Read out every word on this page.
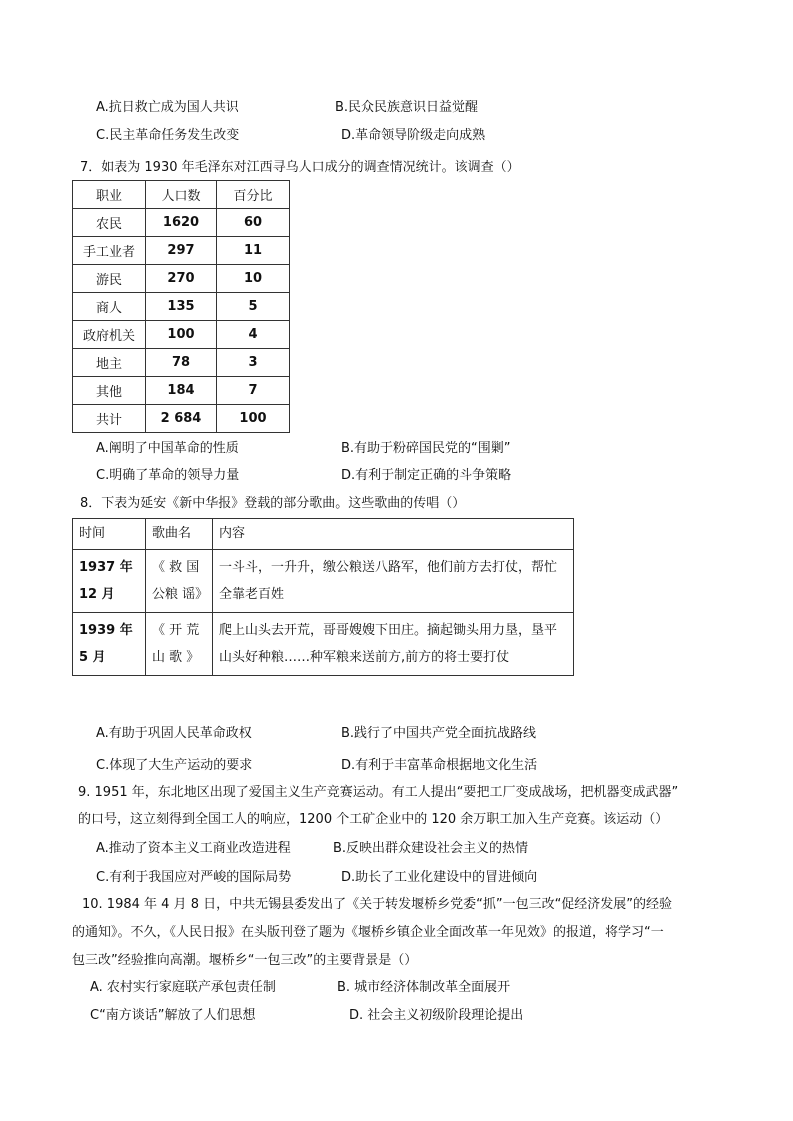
A.抗日救亡成为国人共识	B.民众民族意识日益觉醒
C.民主革命任务发生改变	D.革命领导阶级走向成熟
7．如表为 1930 年毛泽东对江西寻乌人口成分的调查情况统计。该调查（）
职业	人口数	百分比
农民	1620	60
手工业者	297	11
游民	270	10
商人	135	5
政府机关	100	4
地主	78	3
其他	184	7
共计	2 684	100
A.阐明了中国革命的性质	B.有助于粉碎国民党的“围剿”
C.明确了革命的领导力量	D.有利于制定正确的斗争策略
8．下表为延安《新中华报》登载的部分歌曲。这些歌曲的传唱（）
时间	歌曲名	内容
1937 年 12 月	《 救 国公粮 谣》	一斗斗，一升升，缴公粮送八路军，他们前方去打仗，帮忙全靠老百姓
1939 年 5 月	《 开 荒 山 歌 》	爬上山头去开荒，哥哥嫂嫂下田庄。摘起锄头用力垦，垦平山头好种粮……种军粮来送前方,前方的将士要打仗
A.有助于巩固人民革命政权	B.践行了中国共产党全面抗战路线
C.体现了大生产运动的要求	D.有利于丰富革命根据地文化生活
9. 1951 年，东北地区出现了爱国主义生产竞赛运动。有工人提出“要把工厂变成战场，把机器变成武器”
的口号，这立刻得到全国工人的响应，1200 个工矿企业中的 120 余万职工加入生产竞赛。该运动（）
A.推动了资本主义工商业改造进程	B.反映出群众建设社会主义的热情
C.有利于我国应对严峻的国际局势	D.助长了工业化建设中的冒进倾向
10. 1984 年 4 月 8 日，中共无锡县委发出了《关于转发堰桥乡党委“抓”一包三改“促经济发展”的经验
的通知》。不久，《人民日报》在头版刊登了题为《堰桥乡镇企业全面改革一年见效》的报道，将学习“一
包三改”经验推向高潮。堰桥乡“一包三改”的主要背景是（）
A. 农村实行家庭联产承包责任制	B. 城市经济体制改革全面展开
C“南方谈话”解放了人们思想	D. 社会主义初级阶段理论提出
